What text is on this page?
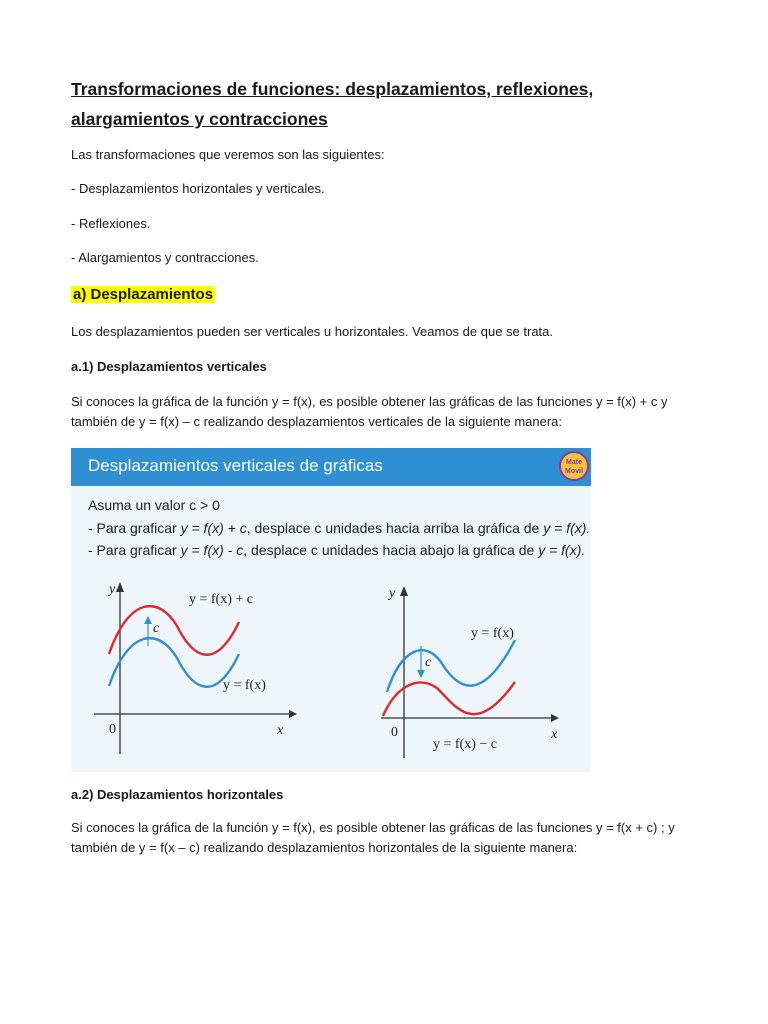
Transformaciones de funciones: desplazamientos, reflexiones, alargamientos y contracciones

Las transformaciones que veremos son las siguientes:

- Desplazamientos horizontales y verticales.

- Reflexiones.

- Alargamientos y contracciones.

a) Desplazamientos

Los desplazamientos pueden ser verticales u horizontales. Veamos de que se trata.

a.1) Desplazamientos verticales

Si conoces la gráfica de la función y = f(x), es posible obtener las gráficas de las funciones y = f(x) + c y

también de y = f(x) – c realizando desplazamientos verticales de la siguiente manera:

Desplazamientos verticales de gráficas	Mate Movil
Asuma un valor c > 0
- Para graficar y = f(x) + c, desplace c unidades hacia arriba la gráfica de y = f(x).
- Para graficar y = f(x) - c, desplace c unidades hacia abajo la gráfica de y = f(x).
y
x
0
c
y = f(x) + c
y = f(x)
y
x
0
c
y = f(x)
y = f(x) − c

a.2) Desplazamientos horizontales

Si conoces la gráfica de la función y = f(x), es posible obtener las gráficas de las funciones y = f(x + c) ; y

también de y = f(x – c) realizando desplazamientos horizontales de la siguiente manera:
